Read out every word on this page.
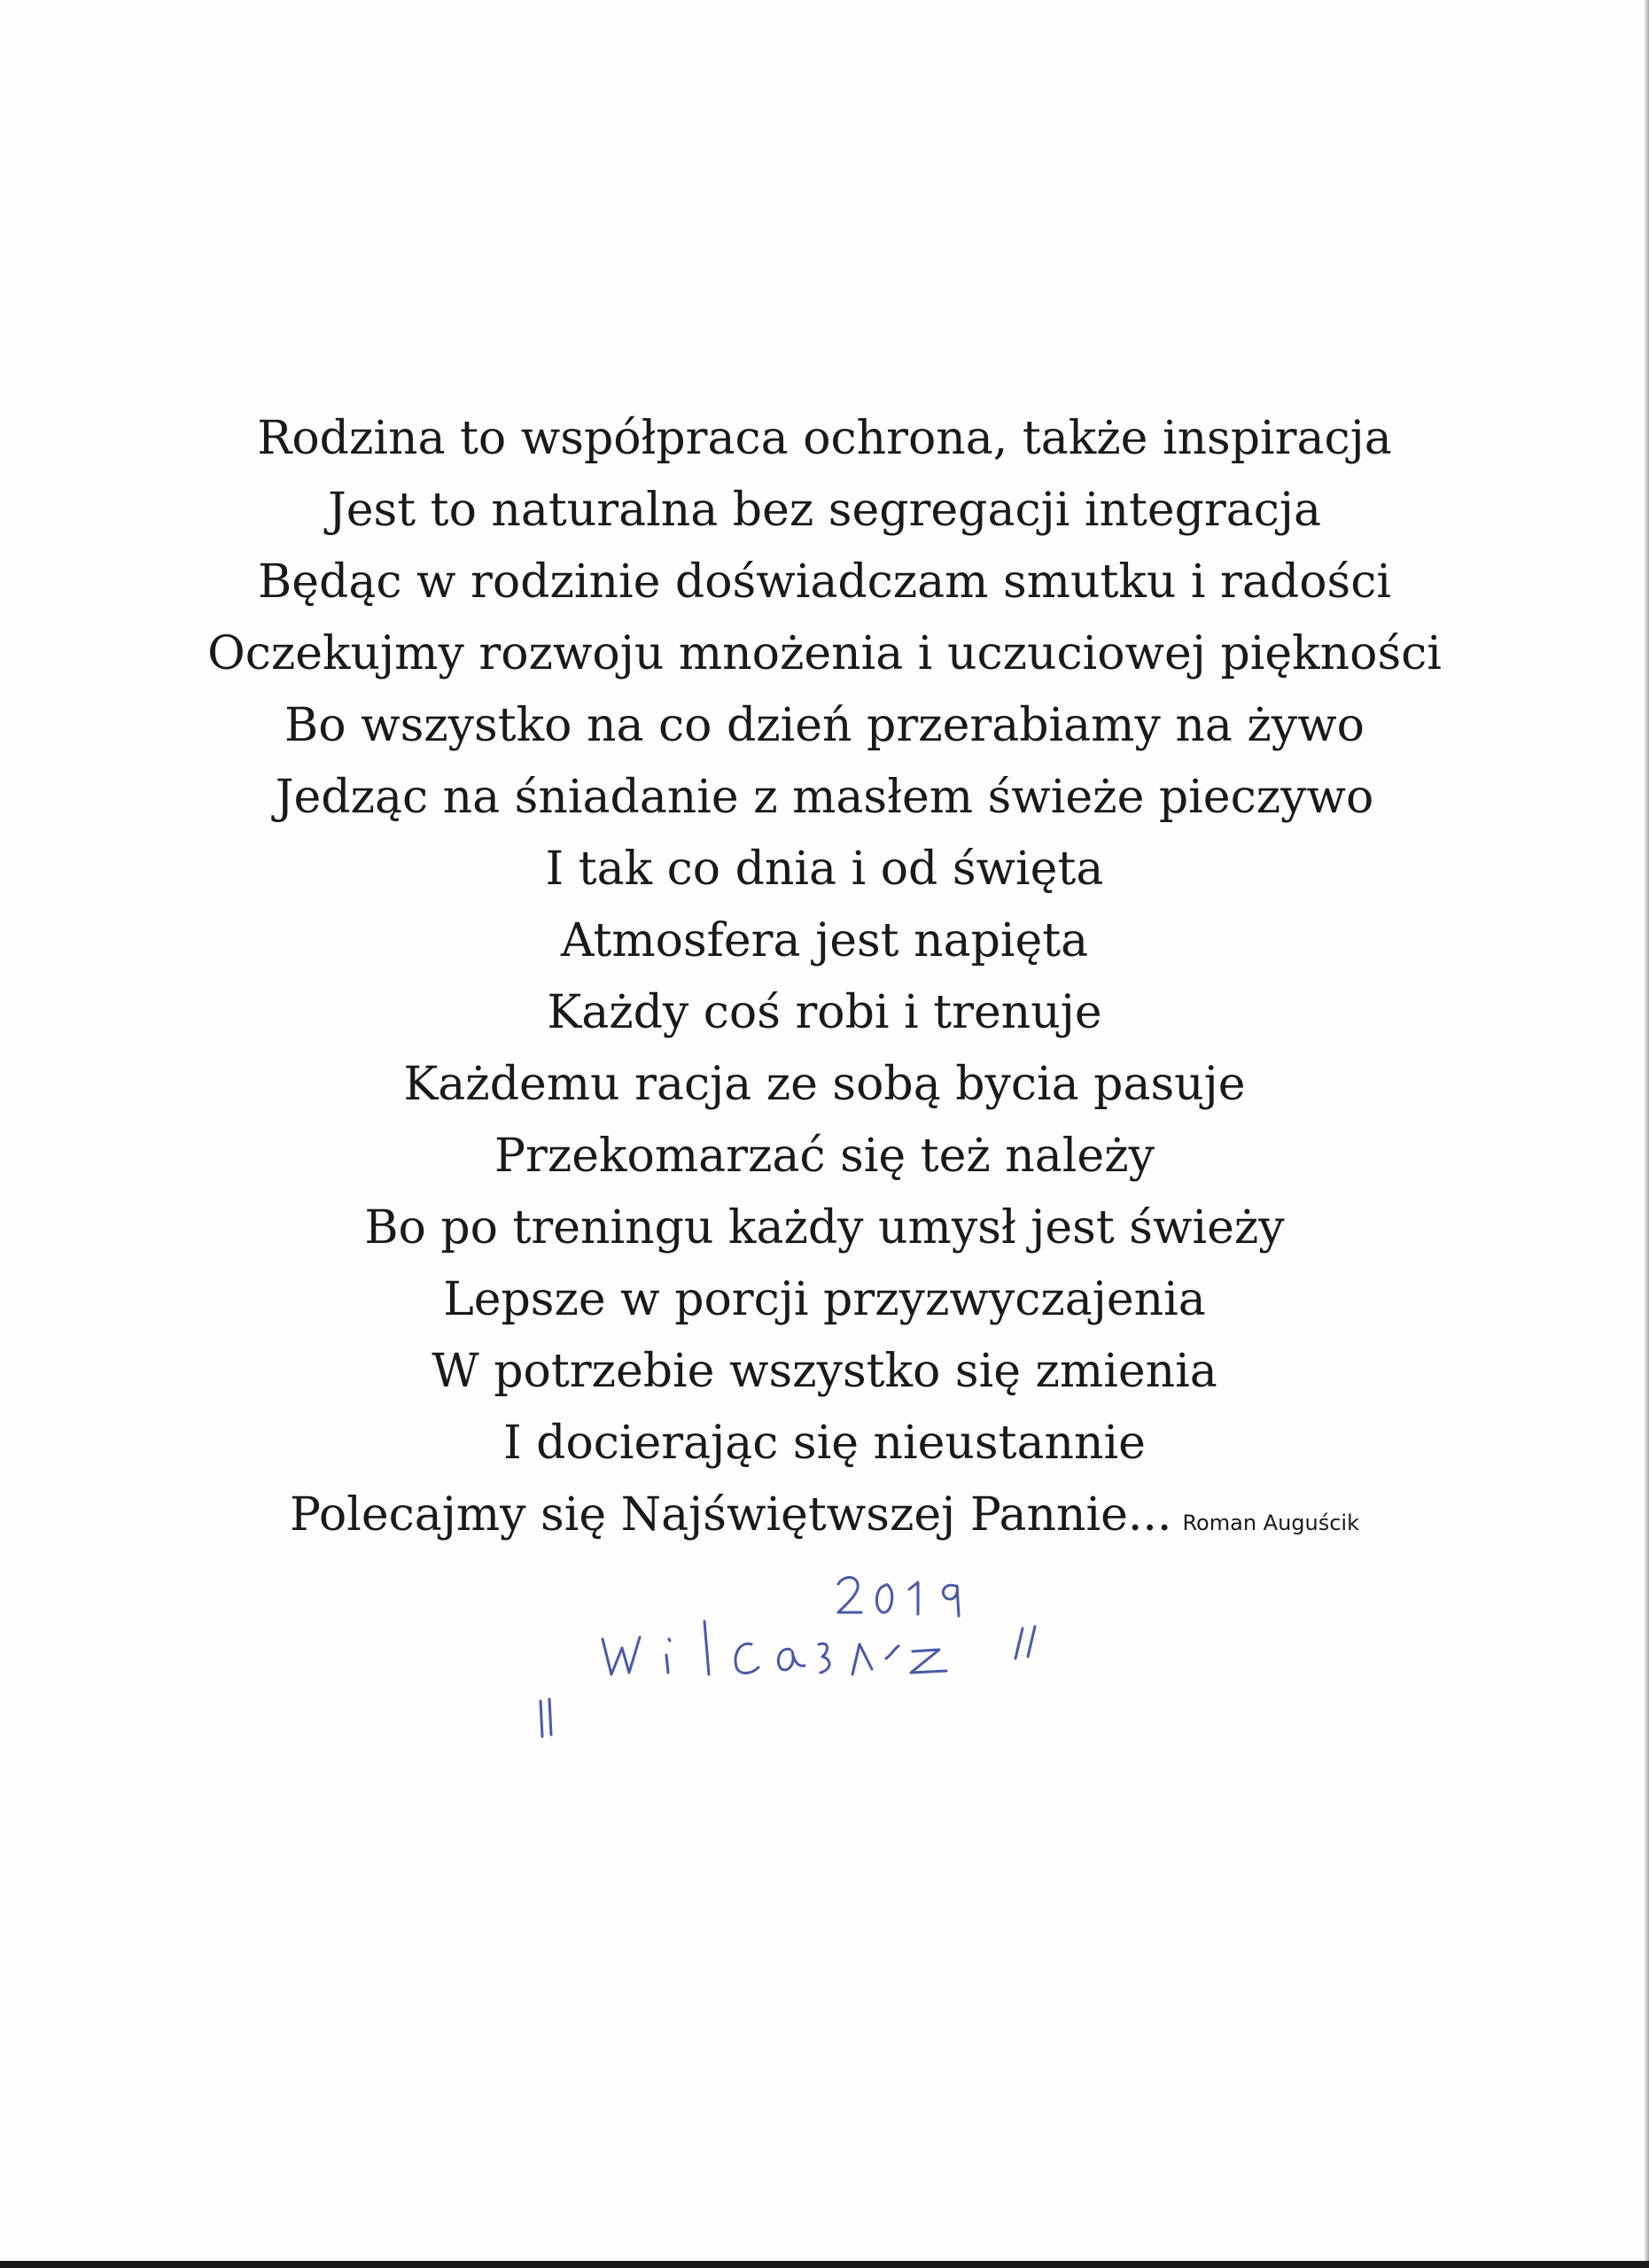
Rodzina to współpraca ochrona, także inspiracja
Jest to naturalna bez segregacji integracja
Będąc w rodzinie doświadczam smutku i radości
Oczekujmy rozwoju mnożenia i uczuciowej piękności
Bo wszystko na co dzień przerabiamy na żywo
Jedząc na śniadanie z masłem świeże pieczywo
I tak co dnia i od święta
Atmosfera jest napięta
Każdy coś robi i trenuje
Każdemu racja ze sobą bycia pasuje
Przekomarzać się też należy
Bo po treningu każdy umysł jest świeży
Lepsze w porcji przyzwyczajenia
W potrzebie wszystko się zmienia
I docierając się nieustannie
Polecajmy się Najświętwszej Pannie... Roman Auguścik
